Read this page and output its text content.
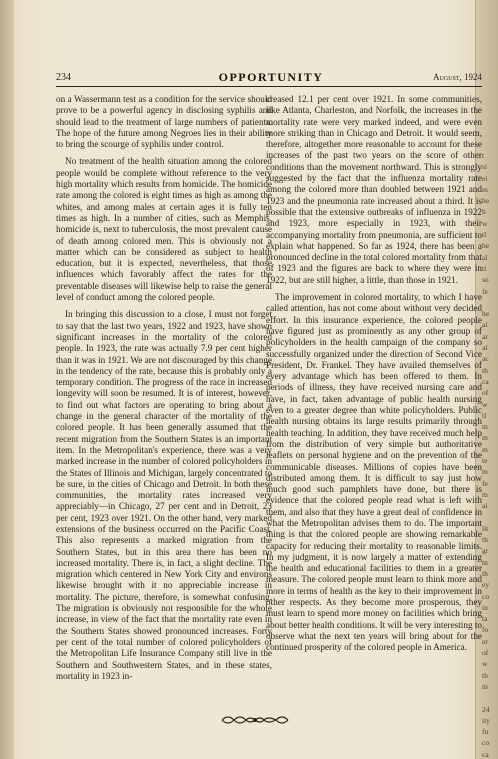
234	OPPORTUNITY	August, 1924

on a Wassermann test as a condition for the service should prove to be a powerful agency in disclosing syphilis and should lead to the treatment of large numbers of patients. The hope of the future among Negroes lies in their ability to bring the scourge of syphilis under control.

No treatment of the health situation among the colored people would be complete without reference to the very high mortality which results from homicide. The homicide rate among the colored is eight times as high as among the whites, and among males at certain ages it is fully ten times as high. In a number of cities, such as Memphis, homicide is, next to tuberculosis, the most prevalent cause of death among colored men. This is obviously not a matter which can be considered as subject to health education, but it is expected, nevertheless, that those influences which favorably affect the rates for the preventable diseases will likewise help to raise the general level of conduct among the colored people.

In bringing this discussion to a close, I must not forget to say that the last two years, 1922 and 1923, have shown significant increases in the mortality of the colored people. In 1923, the rate was actually 7.9 per cent higher than it was in 1921. We are not discouraged by this change in the tendency of the rate, because this is probably only a temporary condition. The progress of the race in increased longevity will soon be resumed. It is of interest, however, to find out what factors are operating to bring about a change in the general character of the mortality of the colored people. It has been generally assumed that the recent migration from the Southern States is an important item. In the Metropolitan's experience, there was a very marked increase in the number of colored policyholders in the States of Illinois and Michigan, largely concentrated to be sure, in the cities of Chicago and Detroit. In both these communities, the mortality rates increased very appreciably—in Chicago, 27 per cent and in Detroit, 23 per cent, 1923 over 1921. On the other hand, very marked extensions of the business occurred on the Pacific Coast. This also represents a marked migration from the Southern States, but in this area there has been no increased mortality. There is, in fact, a slight decline. The migration which centered in New York City and environs likewise brought with it no appreciable increase in mortality. The picture, therefore, is somewhat confusing. The migration is obviously not responsible for the whole increase, in view of the fact that the mortality rate even in the Southern States showed pronounced increases. Forty per cent of the total number of colored policyholders of the Metropolitan Life Insurance Company still live in the Southern and Southwestern States, and in these states, mortality in 1923 in-

creased 12.1 per cent over 1921. In some communities, like Atlanta, Charleston, and Norfolk, the increases in the mortality rate were very marked indeed, and were even more striking than in Chicago and Detroit. It would seem, therefore, altogether more reasonable to account for these increases of the past two years on the score of other conditions than the movement northward. This is strongly suggested by the fact that the influenza mortality rate among the colored more than doubled between 1921 and 1923 and the pneumonia rate increased about a third. It is possible that the extensive outbreaks of influenza in 1922 and 1923, more especially in 1923, with their accompanying mortality from pneumonia, are sufficient to explain what happened. So far as 1924, there has been a pronounced decline in the total colored mortality from that of 1923 and the figures are back to where they were in 1922, but are still higher, a little, than those in 1921.

The improvement in colored mortality, to which I have called attention, has not come about without very decided effort. In this insurance experience, the colored people have figured just as prominently as any other group of policyholders in the health campaign of the company so successfully organized under the direction of Second Vice President, Dr. Frankel. They have availed themselves of every advantage which has been offered to them. In periods of illness, they have received nursing care and have, in fact, taken advantage of public health nursing even to a greater degree than white policyholders. Public health nursing obtains its large results primarily through health teaching. In addition, they have received much help from the distribution of very simple but authoritative leaflets on personal hygiene and on the prevention of the communicable diseases. Millions of copies have been distributed among them. It is difficult to say just how much good such pamphlets have done, but there is evidence that the colored people read what is left with them, and also that they have a great deal of confidence in what the Metropolitan advises them to do. The important thing is that the colored people are showing remarkable capacity for reducing their mortality to reasonable limits. In my judgment, it is now largely a matter of extending the health and educational facilities to them in a greater measure. The colored people must learn to think more and more in terms of health as the key to their improvement in other respects. As they become more prosperous, they must learn to spend more money on facilities which bring about better health conditions. It will be very interesting to observe what the next ten years will bring about for the continued prosperity of the colored people in America.

t
si
ei
m
he
h
w
tl
he
al
tl
so
fe

he
ai
ar
al
ac
th
ca
of
w
tl
m
m
m
te
m
fe
m
ai

lit
th
gr
m
th
ey
co
in
ta
fo
er
of
w
th
m

24
ity
fu
co
ca
